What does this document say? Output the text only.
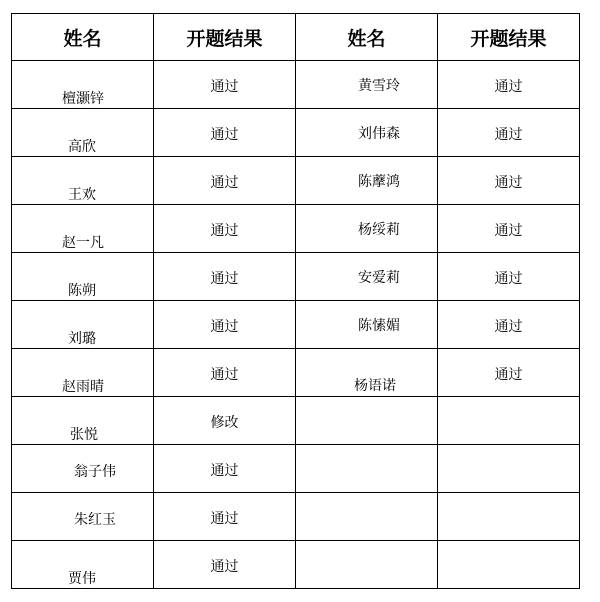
姓名	开题结果	姓名	开题结果

檀灏锌	通过	黄雪玲	通过

高欣	通过	刘伟森	通过

王欢	通过	陈藦鸿	通过

赵一凡	通过	杨绥莉	通过

陈朔	通过	安爱莉	通过

刘璐	通过	陈愫媚	通过

赵雨晴	通过	杨语诺	通过

张悦	修改		

翁子伟	通过		

朱红玉	通过		

贾伟	通过		
